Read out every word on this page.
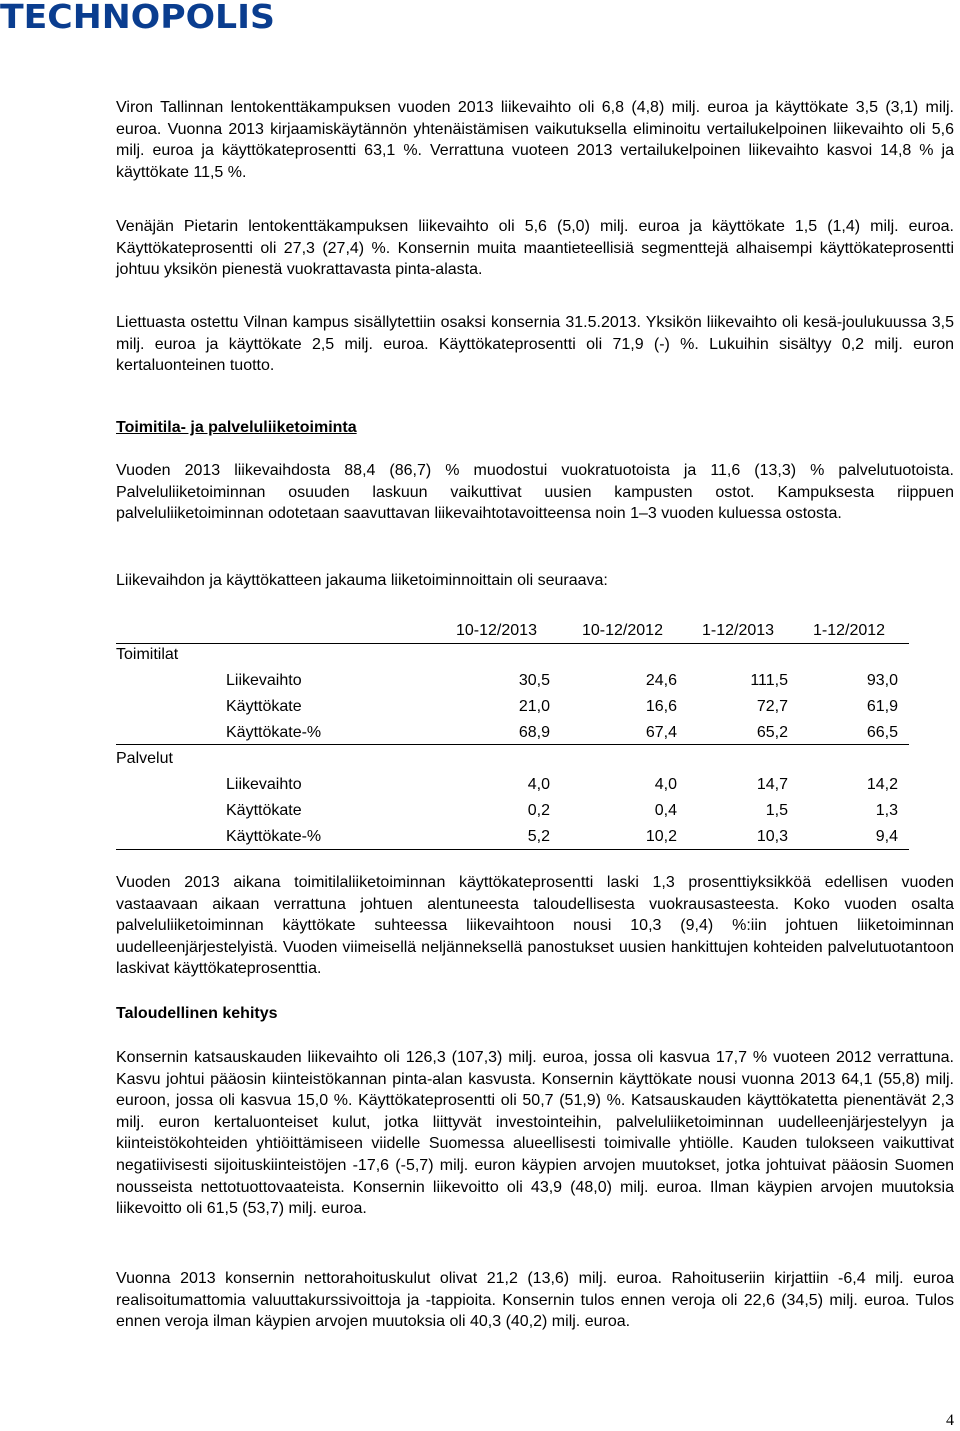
TECHNOPOLIS

Viron Tallinnan lentokenttäkampuksen vuoden 2013 liikevaihto oli 6,8 (4,8) milj. euroa ja käyttökate 3,5 (3,1) milj. euroa. Vuonna 2013 kirjaamiskäytännön yhtenäistämisen vaikutuksella eliminoitu vertailukelpoinen liikevaihto oli 5,6 milj. euroa ja käyttökateprosentti 63,1 %. Verrattuna vuoteen 2013 vertailukelpoinen liikevaihto kasvoi 14,8 % ja käyttökate 11,5 %.

Venäjän Pietarin lentokenttäkampuksen liikevaihto oli 5,6 (5,0) milj. euroa ja käyttökate 1,5 (1,4) milj. euroa. Käyttökateprosentti oli 27,3 (27,4) %. Konsernin muita maantieteellisiä segmenttejä alhaisempi käyttökateprosentti johtuu yksikön pienestä vuokrattavasta pinta-alasta.

Liettuasta ostettu Vilnan kampus sisällytettiin osaksi konsernia 31.5.2013. Yksikön liikevaihto oli kesä-joulukuussa 3,5 milj. euroa ja käyttökate 2,5 milj. euroa. Käyttökateprosentti oli 71,9 (-) %. Lukuihin sisältyy 0,2 milj. euron kertaluonteinen tuotto.

Toimitila- ja palveluliiketoiminta

Vuoden 2013 liikevaihdosta 88,4 (86,7) % muodostui vuokratuotoista ja 11,6 (13,3) % palvelutuotoista. Palveluliiketoiminnan osuuden laskuun vaikuttivat uusien kampusten ostot. Kampuksesta riippuen palveluliiketoiminnan odotetaan saavuttavan liikevaihtotavoitteensa noin 1–3 vuoden kuluessa ostosta.

Liikevaihdon ja käyttökatteen jakauma liiketoiminnoittain oli seuraava:

10-12/2013	10-12/2012 1-12/2013 1-12/2012
Toimitilat
Liikevaihto	30,5	24,6	111,5	93,0
Käyttökate	21,0	16,6	72,7	61,9
Käyttökate-%	68,9	67,4	65,2	66,5
Palvelut
Liikevaihto	4,0	4,0	14,7	14,2
Käyttökate	0,2	0,4	1,5	1,3
Käyttökate-%	5,2	10,2	10,3	9,4

Vuoden 2013 aikana toimitilaliiketoiminnan käyttökateprosentti laski 1,3 prosenttiyksikköä edellisen vuoden vastaavaan aikaan verrattuna johtuen alentuneesta taloudellisesta vuokrausasteesta. Koko vuoden osalta palveluliiketoiminnan käyttökate suhteessa liikevaihtoon nousi 10,3 (9,4) %:iin johtuen liiketoiminnan uudelleenjärjestelyistä. Vuoden viimeisellä neljänneksellä panostukset uusien hankittujen kohteiden palvelutuotantoon laskivat käyttökateprosenttia.

Taloudellinen kehitys

Konsernin katsauskauden liikevaihto oli 126,3 (107,3) milj. euroa, jossa oli kasvua 17,7 % vuoteen 2012 verrattuna. Kasvu johtui pääosin kiinteistökannan pinta-alan kasvusta. Konsernin käyttökate nousi vuonna 2013 64,1 (55,8) milj. euroon, jossa oli kasvua 15,0 %. Käyttökateprosentti oli 50,7 (51,9) %. Katsauskauden käyttökatetta pienentävät 2,3 milj. euron kertaluonteiset kulut, jotka liittyvät investointeihin, palveluliiketoiminnan uudelleenjärjestelyyn ja kiinteistökohteiden yhtiöittämiseen viidelle Suomessa alueellisesti toimivalle yhtiölle. Kauden tulokseen vaikuttivat negatiivisesti sijoituskiinteistöjen -17,6 (-5,7) milj. euron käypien arvojen muutokset, jotka johtuivat pääosin Suomen nousseista nettotuottovaateista. Konsernin liikevoitto oli 43,9 (48,0) milj. euroa. Ilman käypien arvojen muutoksia liikevoitto oli 61,5 (53,7) milj. euroa.

Vuonna 2013 konsernin nettorahoituskulut olivat 21,2 (13,6) milj. euroa. Rahoituseriin kirjattiin -6,4 milj. euroa realisoitumattomia valuuttakurssivoittoja ja -tappioita. Konsernin tulos ennen veroja oli 22,6 (34,5) milj. euroa. Tulos ennen veroja ilman käypien arvojen muutoksia oli 40,3 (40,2) milj. euroa.

4
